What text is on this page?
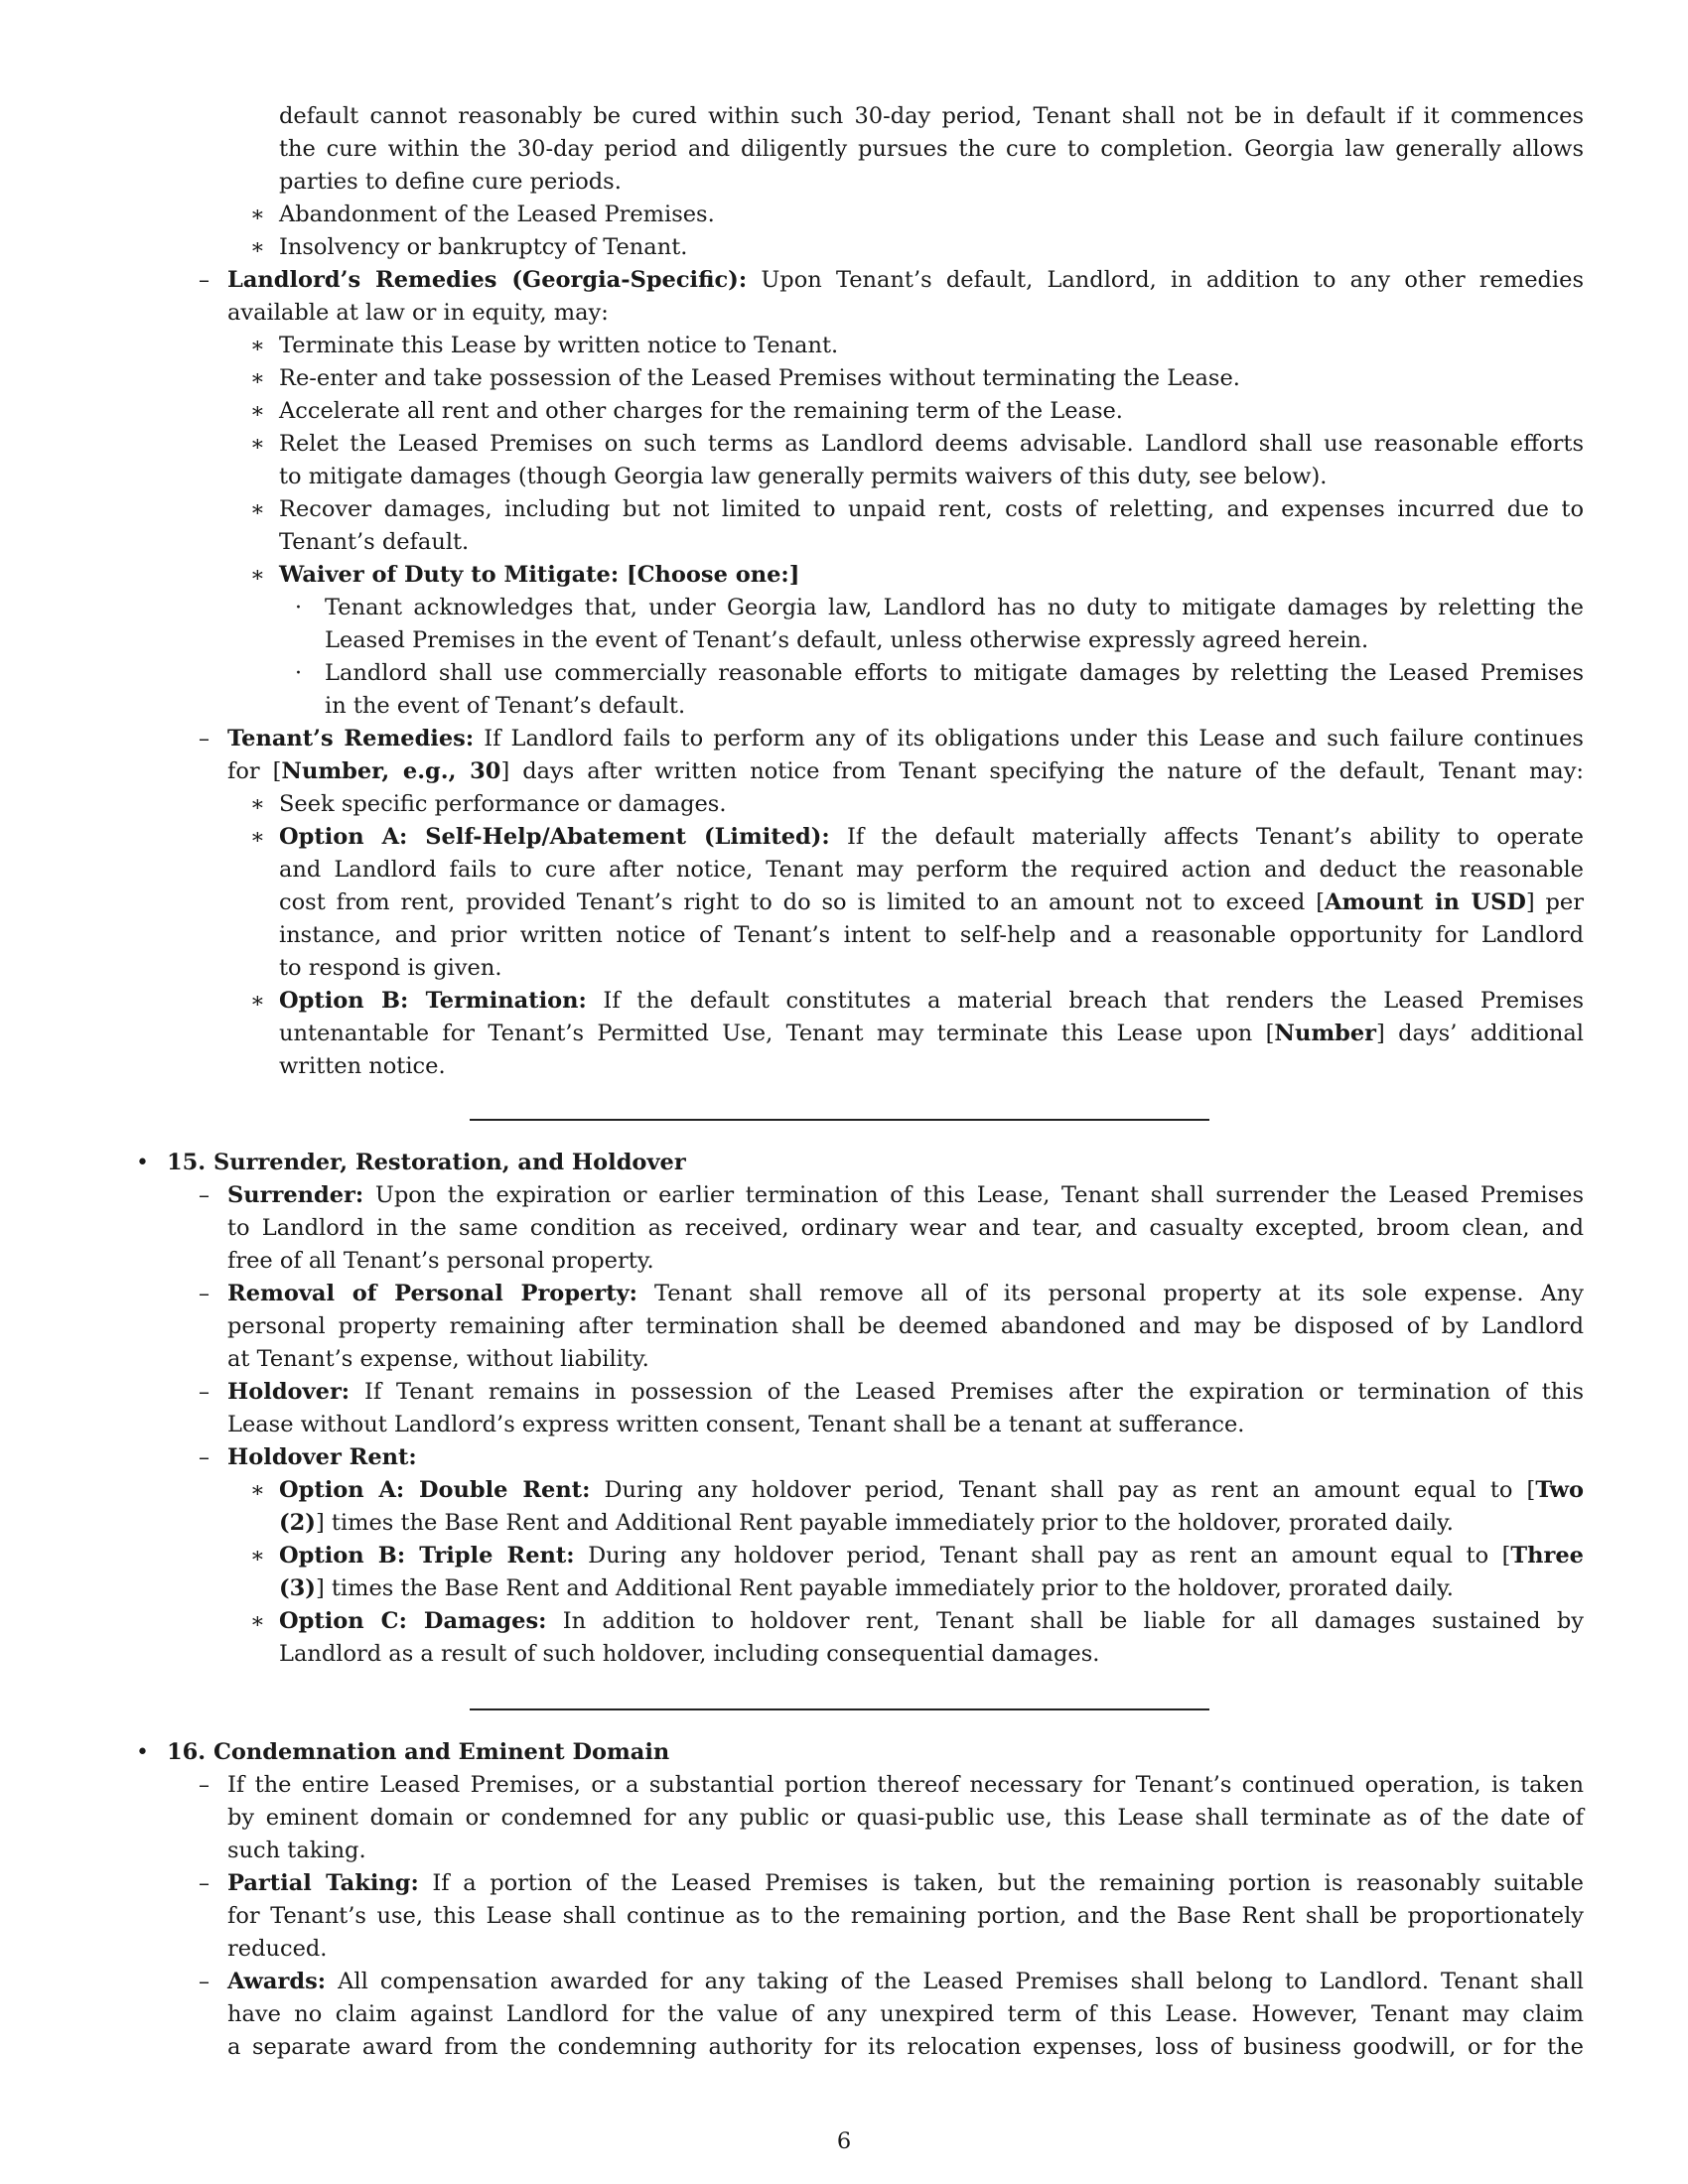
default cannot reasonably be cured within such 30-day period, Tenant shall not be in default if it commences
the cure within the 30-day period and diligently pursues the cure to completion. Georgia law generally allows
parties to define cure periods.
∗ Abandonment of the Leased Premises.
∗ Insolvency or bankruptcy of Tenant.
– Landlord’s Remedies (Georgia-Specific): Upon Tenant’s default, Landlord, in addition to any other remedies
available at law or in equity, may:
∗ Terminate this Lease by written notice to Tenant.
∗ Re-enter and take possession of the Leased Premises without terminating the Lease.
∗ Accelerate all rent and other charges for the remaining term of the Lease.
∗ Relet the Leased Premises on such terms as Landlord deems advisable. Landlord shall use reasonable efforts
to mitigate damages (though Georgia law generally permits waivers of this duty, see below).
∗ Recover damages, including but not limited to unpaid rent, costs of reletting, and expenses incurred due to
Tenant’s default.
∗ Waiver of Duty to Mitigate: [Choose one:]
· Tenant acknowledges that, under Georgia law, Landlord has no duty to mitigate damages by reletting the
Leased Premises in the event of Tenant’s default, unless otherwise expressly agreed herein.
· Landlord shall use commercially reasonable efforts to mitigate damages by reletting the Leased Premises
in the event of Tenant’s default.
– Tenant’s Remedies: If Landlord fails to perform any of its obligations under this Lease and such failure continues
for [Number, e.g., 30] days after written notice from Tenant specifying the nature of the default, Tenant may:
∗ Seek specific performance or damages.
∗ Option A: Self-Help/Abatement (Limited): If the default materially affects Tenant’s ability to operate
and Landlord fails to cure after notice, Tenant may perform the required action and deduct the reasonable
cost from rent, provided Tenant’s right to do so is limited to an amount not to exceed [Amount in USD] per
instance, and prior written notice of Tenant’s intent to self-help and a reasonable opportunity for Landlord
to respond is given.
∗ Option B: Termination: If the default constitutes a material breach that renders the Leased Premises
untenantable for Tenant’s Permitted Use, Tenant may terminate this Lease upon [Number] days’ additional
written notice.
• 15. Surrender, Restoration, and Holdover
– Surrender: Upon the expiration or earlier termination of this Lease, Tenant shall surrender the Leased Premises
to Landlord in the same condition as received, ordinary wear and tear, and casualty excepted, broom clean, and
free of all Tenant’s personal property.
– Removal of Personal Property: Tenant shall remove all of its personal property at its sole expense. Any
personal property remaining after termination shall be deemed abandoned and may be disposed of by Landlord
at Tenant’s expense, without liability.
– Holdover: If Tenant remains in possession of the Leased Premises after the expiration or termination of this
Lease without Landlord’s express written consent, Tenant shall be a tenant at sufferance.
– Holdover Rent:
∗ Option A: Double Rent: During any holdover period, Tenant shall pay as rent an amount equal to [Two
(2)] times the Base Rent and Additional Rent payable immediately prior to the holdover, prorated daily.
∗ Option B: Triple Rent: During any holdover period, Tenant shall pay as rent an amount equal to [Three
(3)] times the Base Rent and Additional Rent payable immediately prior to the holdover, prorated daily.
∗ Option C: Damages: In addition to holdover rent, Tenant shall be liable for all damages sustained by
Landlord as a result of such holdover, including consequential damages.
• 16. Condemnation and Eminent Domain
– If the entire Leased Premises, or a substantial portion thereof necessary for Tenant’s continued operation, is taken
by eminent domain or condemned for any public or quasi-public use, this Lease shall terminate as of the date of
such taking.
– Partial Taking: If a portion of the Leased Premises is taken, but the remaining portion is reasonably suitable
for Tenant’s use, this Lease shall continue as to the remaining portion, and the Base Rent shall be proportionately
reduced.
– Awards: All compensation awarded for any taking of the Leased Premises shall belong to Landlord. Tenant shall
have no claim against Landlord for the value of any unexpired term of this Lease. However, Tenant may claim
a separate award from the condemning authority for its relocation expenses, loss of business goodwill, or for the
6
